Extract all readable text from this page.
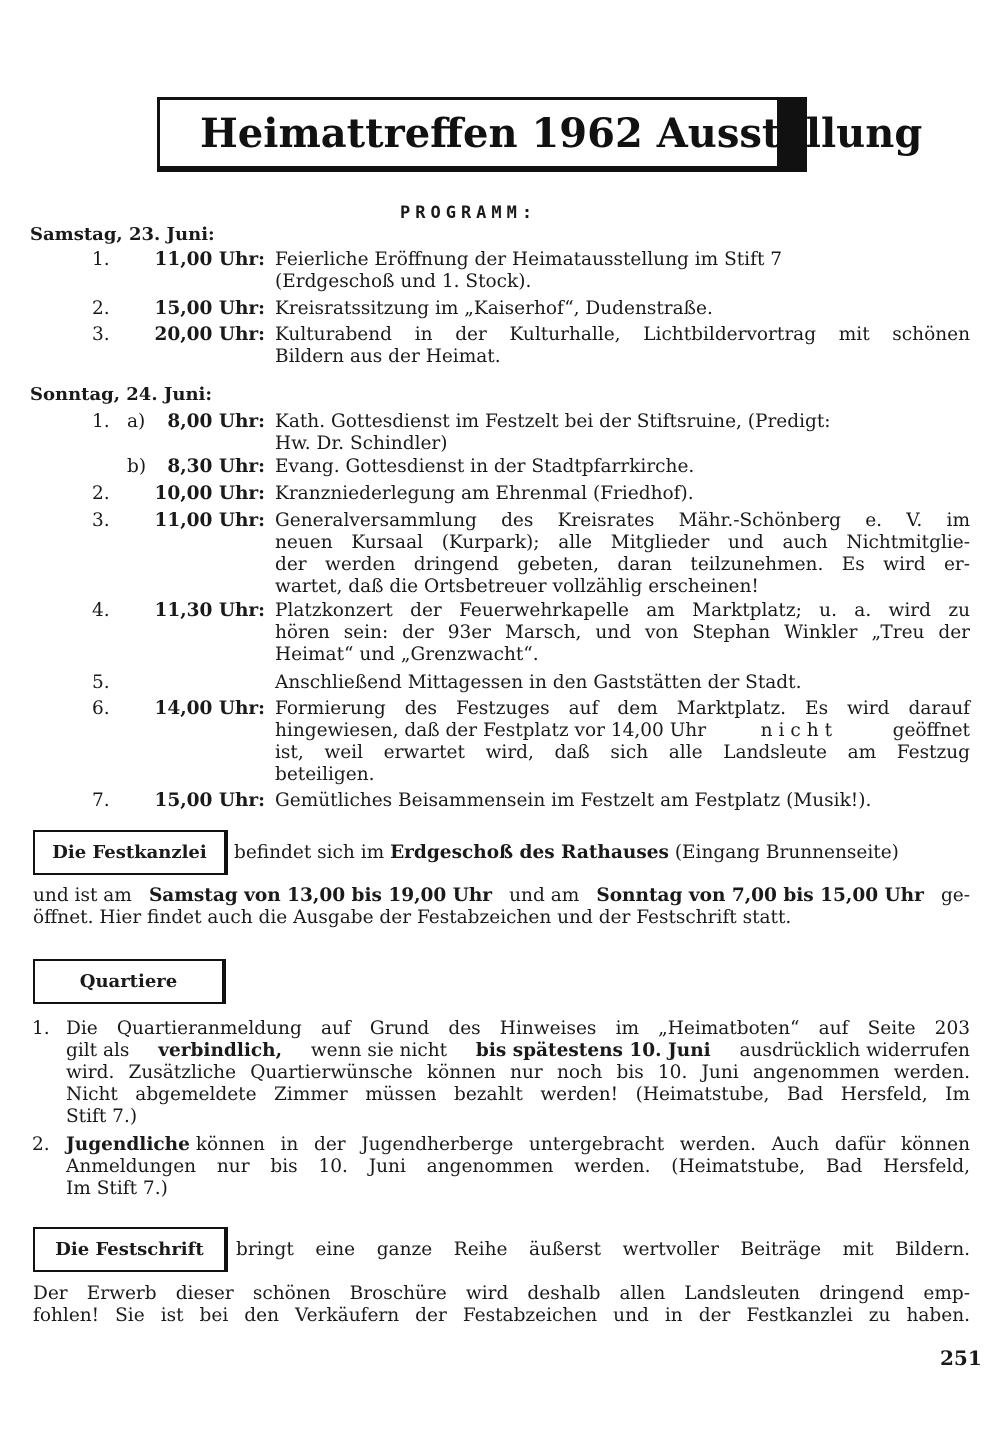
Heimattreffen 1962 Ausstellung
PROGRAMM:
Samstag, 23. Juni:
1. 11,00 Uhr: Feierliche Eröffnung der Heimatausstellung im Stift 7
(Erdgeschoß und 1. Stock).
2. 15,00 Uhr: Kreisratssitzung im „Kaiserhof“, Dudenstraße.
3. 20,00 Uhr: Kulturabend in der Kulturhalle, Lichtbildervortrag mit schönen
Bildern aus der Heimat.
Sonntag, 24. Juni:
1. a) 8,00 Uhr: Kath. Gottesdienst im Festzelt bei der Stiftsruine, (Predigt:
Hw. Dr. Schindler)
b) 8,30 Uhr: Evang. Gottesdienst in der Stadtpfarrkirche.
2. 10,00 Uhr: Kranzniederlegung am Ehrenmal (Friedhof).
3. 11,00 Uhr: Generalversammlung des Kreisrates Mähr.-Schönberg e. V. im
neuen Kursaal (Kurpark); alle Mitglieder und auch Nichtmitglie-
der werden dringend gebeten, daran teilzunehmen. Es wird er-
wartet, daß die Ortsbetreuer vollzählig erscheinen!
4. 11,30 Uhr: Platzkonzert der Feuerwehrkapelle am Marktplatz; u. a. wird zu
hören sein: der 93er Marsch, und von Stephan Winkler „Treu der
Heimat“ und „Grenzwacht“.
5.	Anschließend Mittagessen in den Gaststätten der Stadt.
6. 14,00 Uhr: Formierung des Festzuges auf dem Marktplatz. Es wird darauf
hingewiesen, daß der Festplatz vor 14,00 Uhr	nicht	geöffnet
ist, weil erwartet wird, daß sich alle Landsleute am Festzug
beteiligen.
7. 15,00 Uhr: Gemütliches Beisammensein im Festzelt am Festplatz (Musik!).
Die Festkanzlei	befindet sich im Erdgeschoß des Rathauses (Eingang Brunnenseite)
und ist am Samstag von 13,00 bis 19,00 Uhr und am Sonntag von 7,00 bis 15,00 Uhr ge-
öffnet. Hier findet auch die Ausgabe der Festabzeichen und der Festschrift statt.
Quartiere
1. Die Quartieranmeldung auf Grund des Hinweises im „Heimatboten“ auf Seite 203
gilt als verbindlich, wenn sie nicht bis spätestens 10. Juni ausdrücklich widerrufen
wird. Zusätzliche Quartierwünsche können nur noch bis 10. Juni angenommen werden.
Nicht abgemeldete Zimmer müssen bezahlt werden! (Heimatstube, Bad Hersfeld, Im
Stift 7.)
2. Jugendliche können in der Jugendherberge untergebracht werden. Auch dafür können
Anmeldungen nur bis 10. Juni angenommen werden. (Heimatstube, Bad Hersfeld,
Im Stift 7.)
Die Festschrift	bringt eine ganze Reihe äußerst wertvoller Beiträge mit Bildern.
Der Erwerb dieser schönen Broschüre wird deshalb allen Landsleuten dringend emp-
fohlen! Sie ist bei den Verkäufern der Festabzeichen und in der Festkanzlei zu haben.
251
